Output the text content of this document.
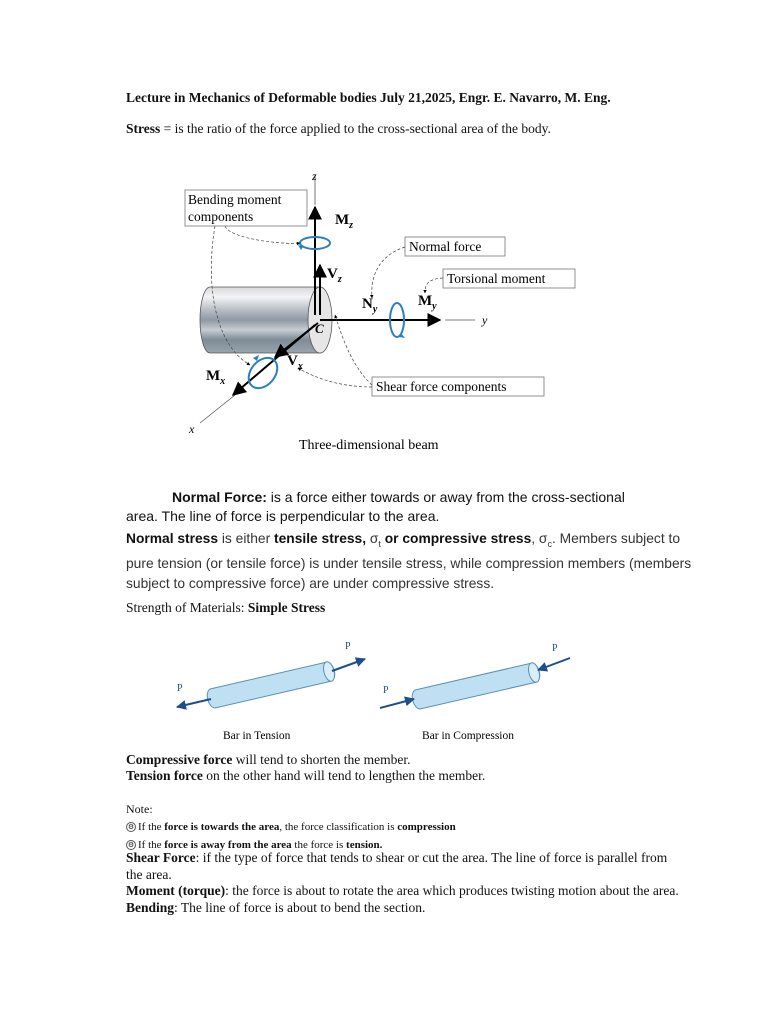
Lecture in Mechanics of Deformable bodies July 21,2025, Engr. E. Navarro, M. Eng.
Stress = is the ratio of the force applied to the cross-sectional area of the body.
C
z
y
x
$M_z$
$V_z$
$N_y$
$M_y$
$V_x$
$M_x$
Bending moment
components
Normal force
Torsional moment
Shear force components
Three-dimensional beam
Normal Force: is a force either towards or away from the cross-sectional
area. The line of force is perpendicular to the area.
Normal stress is either tensile stress, $\sigma_t$ or compressive stress, $\sigma_c$. Members subject to pure tension (or tensile force) is under tensile stress, while compression members (members subject to compressive force) are under compressive stress.
Strength of Materials: Simple Stress
P
P
Bar in Tension
P
P
Bar in Compression
Compressive force will tend to shorten the member.
Tension force on the other hand will tend to lengthen the member.
Note:
⚙ If the force is towards the area, the force classification is compression
⚙ If the force is away from the area the force is tension.
Shear Force: if the type of force that tends to shear or cut the area. The line of force is parallel from the area.
Moment (torque): the force is about to rotate the area which produces twisting motion about the area.
Bending: The line of force is about to bend the section.
